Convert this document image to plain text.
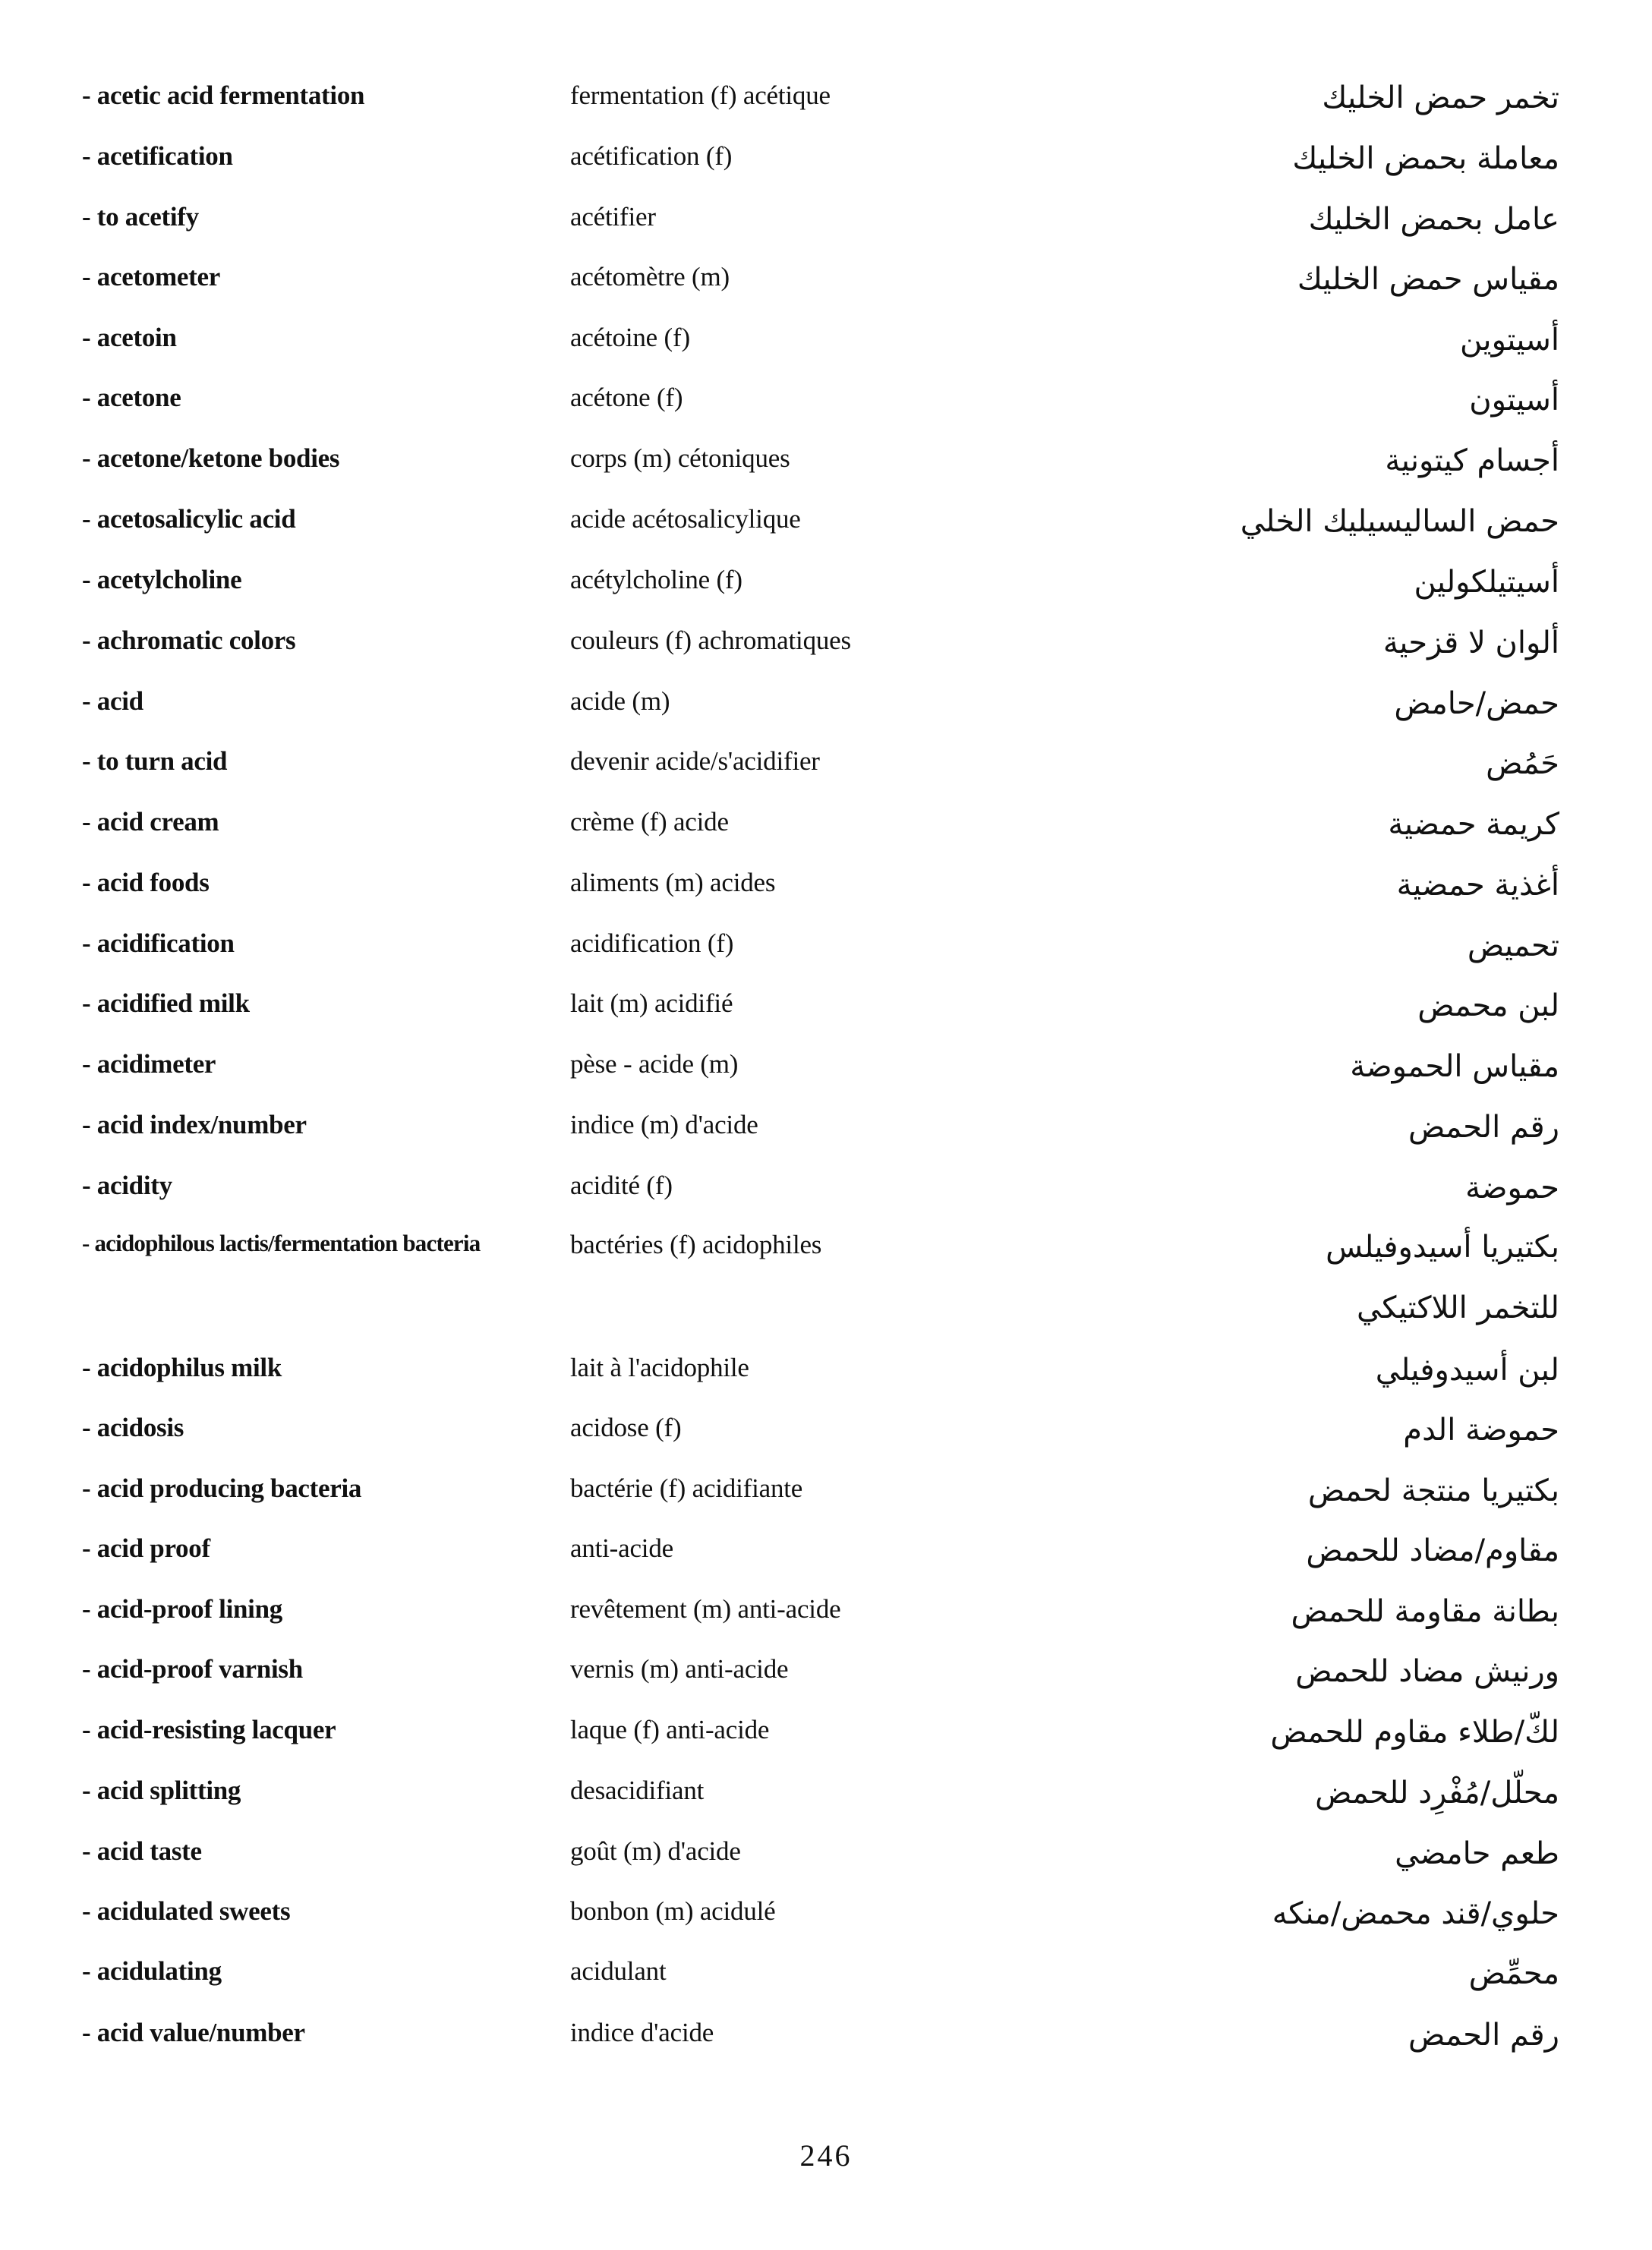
- acetic acid fermentation	fermentation (f) acétique	تخمر حمض الخليك
- acetification	acétification (f)	معاملة بحمض الخليك
- to acetify	acétifier	عامل بحمض الخليك
- acetometer	acétomètre (m)	مقياس حمض الخليك
- acetoin	acétoine (f)	أسيتوين
- acetone	acétone (f)	أسيتون
- acetone/ketone bodies	corps (m) cétoniques	أجسام كيتونية
- acetosalicylic acid	acide acétosalicylique	حمض الساليسيليك الخلي
- acetylcholine	acétylcholine (f)	أسيتيلكولين
- achromatic colors	couleurs (f) achromatiques	ألوان لا قزحية
- acid	acide (m)	حمض/حامض
- to turn acid	devenir acide/s'acidifier	حَمُض
- acid cream	crème (f) acide	كريمة حمضية
- acid foods	aliments (m) acides	أغذية حمضية
- acidification	acidification (f)	تحميض
- acidified milk	lait (m) acidifié	لبن محمض
- acidimeter	pèse - acide (m)	مقياس الحموضة
- acid index/number	indice (m) d'acide	رقم الحمض
- acidity	acidité (f)	حموضة
- acidophilous lactis/fermentation bacteria	bactéries (f) acidophiles	بكتيريا أسيدوفيلس
للتخمر اللاكتيكي
- acidophilus milk	lait à l'acidophile	لبن أسيدوفيلي
- acidosis	acidose (f)	حموضة الدم
- acid producing bacteria	bactérie (f) acidifiante	بكتيريا منتجة لحمض
- acid proof	anti-acide	مقاوم/مضاد للحمض
- acid-proof lining	revêtement (m) anti-acide	بطانة مقاومة للحمض
- acid-proof varnish	vernis (m) anti-acide	ورنيش مضاد للحمض
- acid-resisting lacquer	laque (f) anti-acide	لكّ/طلاء مقاوم للحمض
- acid splitting	desacidifiant	محلّل/مُفْرِد للحمض
- acid taste	goût (m) d'acide	طعم حامضي
- acidulated sweets	bonbon (m) acidulé	حلوي/قند محمض/منكه
- acidulating	acidulant	محمِّض
- acid value/number	indice d'acide	رقم الحمض
246
